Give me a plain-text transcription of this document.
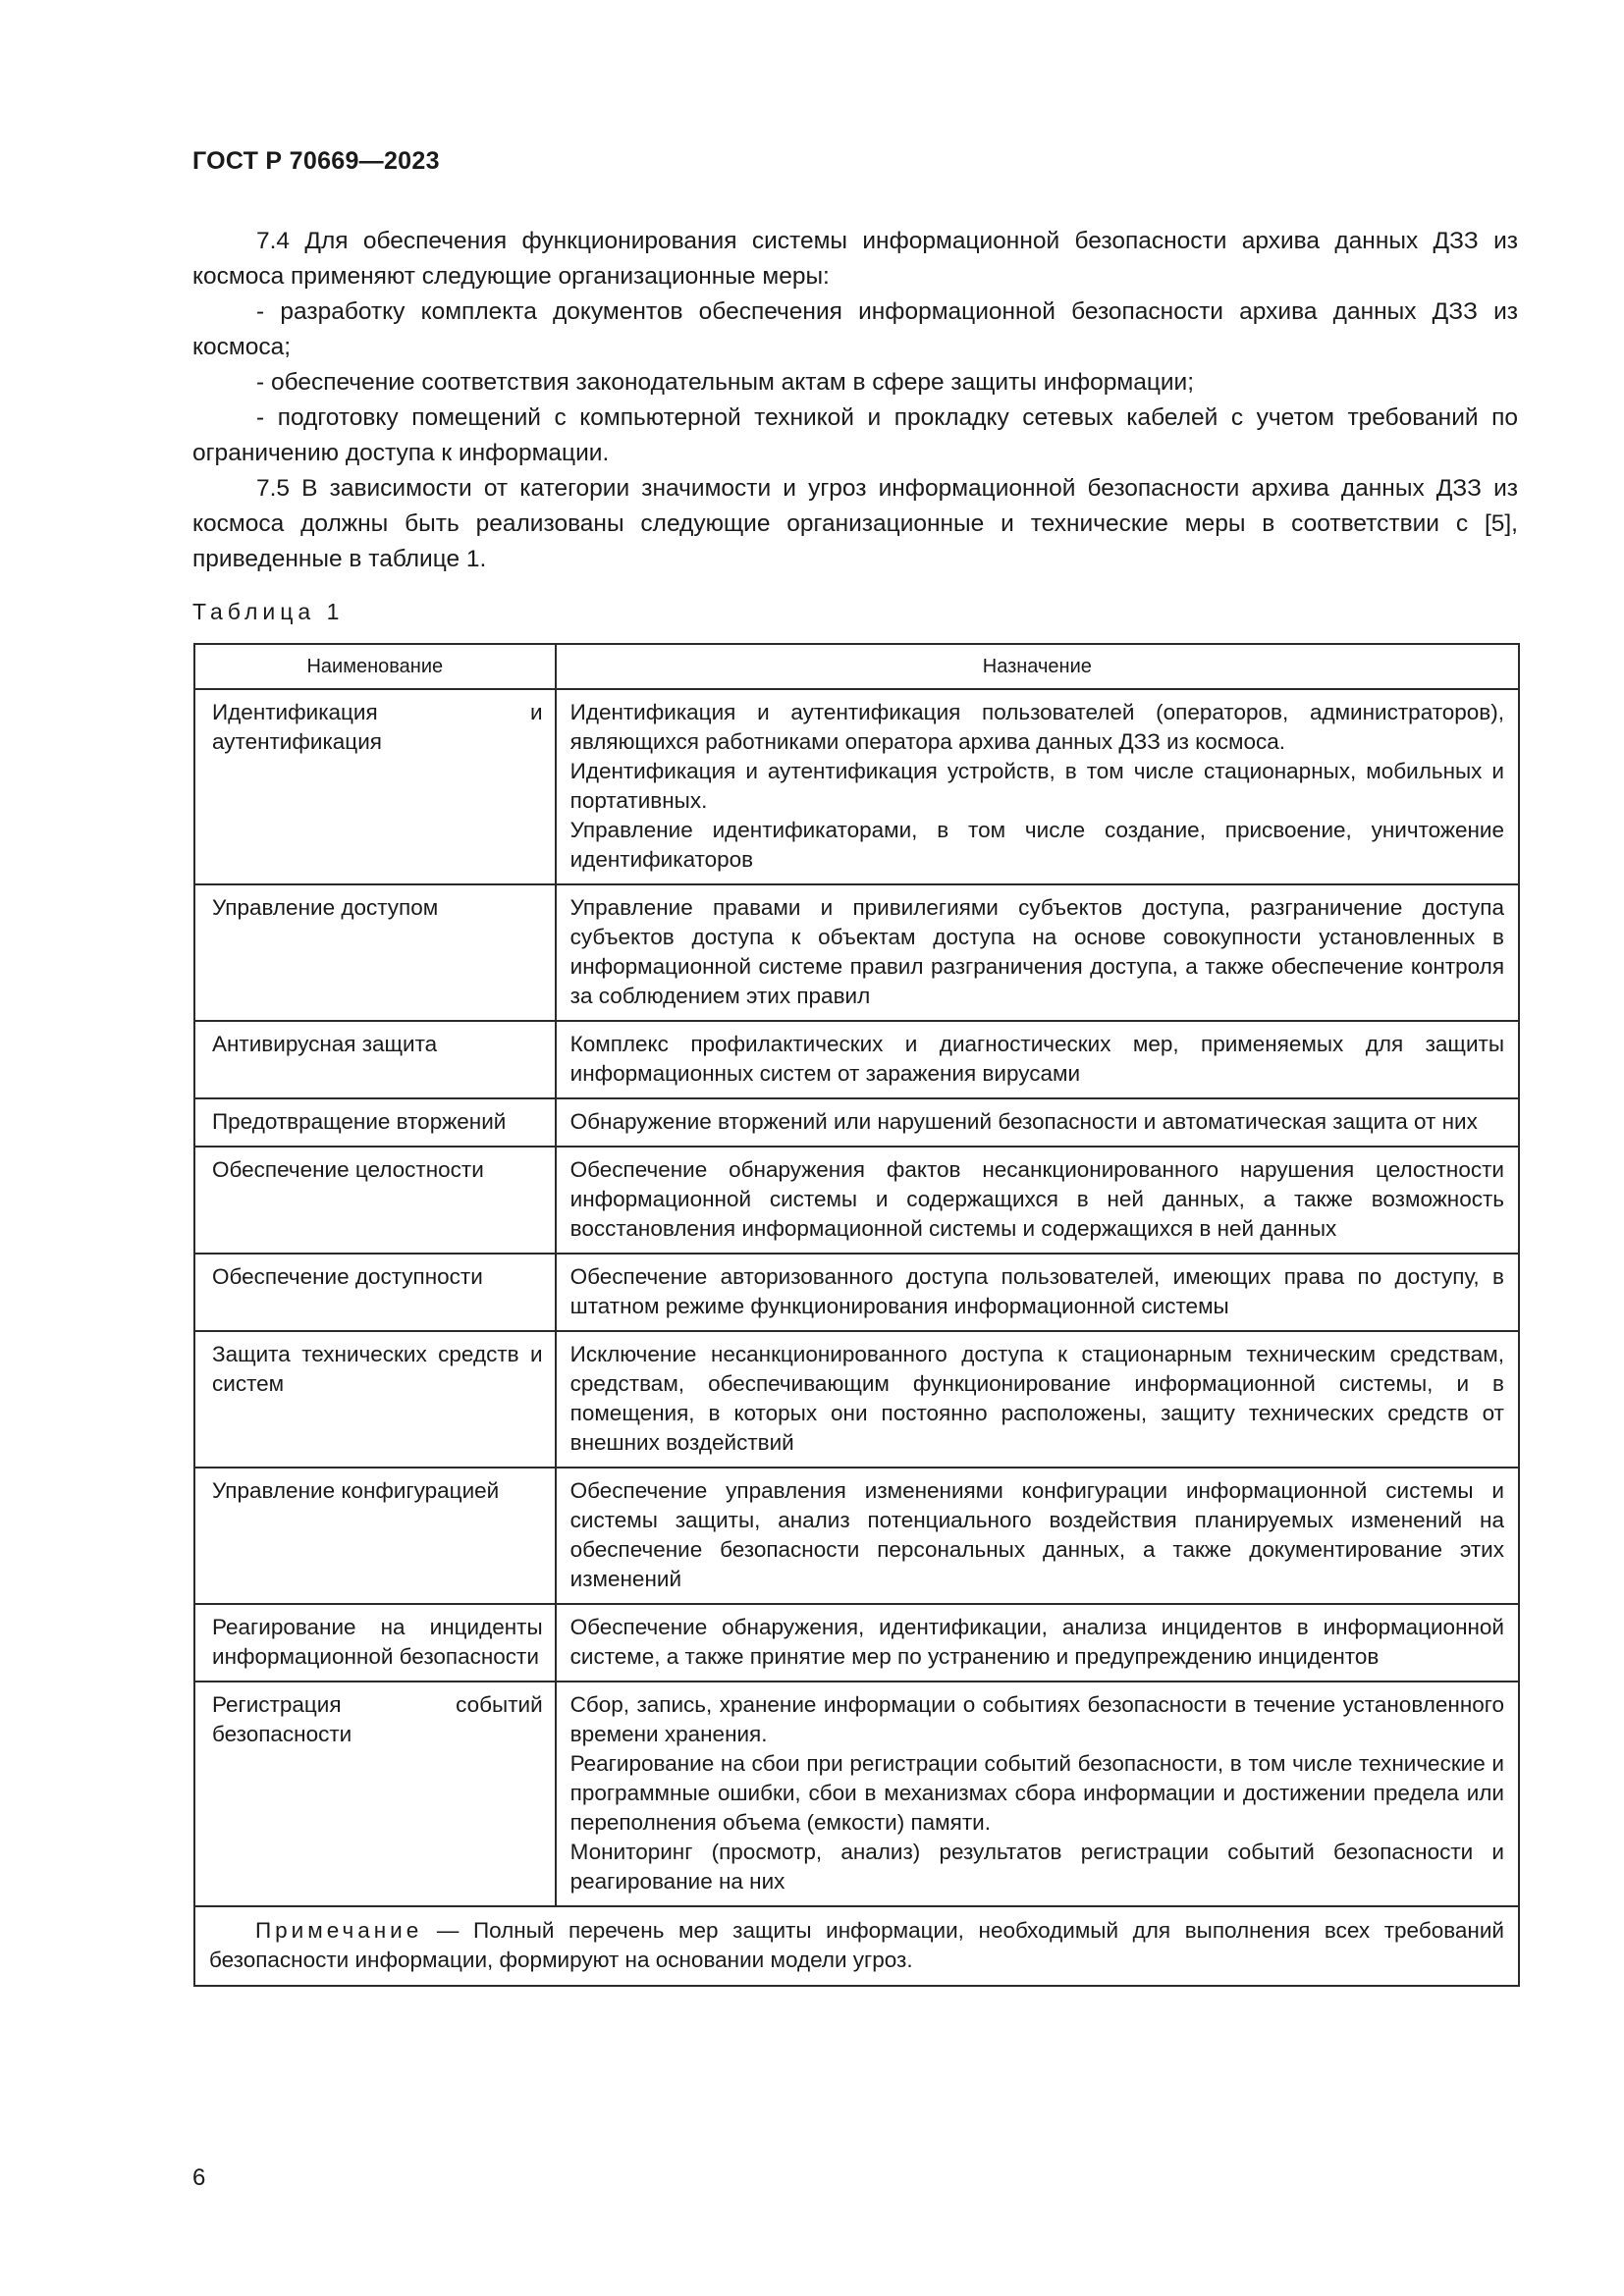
ГОСТ Р 70669—2023

7.4 Для обеспечения функционирования системы информационной безопасности архива данных ДЗЗ из космоса применяют следующие организационные меры:

- разработку комплекта документов обеспечения информационной безопасности архива данных ДЗЗ из космоса;

- обеспечение соответствия законодательным актам в сфере защиты информации;

- подготовку помещений с компьютерной техникой и прокладку сетевых кабелей с учетом требований по ограничению доступа к информации.

7.5 В зависимости от категории значимости и угроз информационной безопасности архива данных ДЗЗ из космоса должны быть реализованы следующие организационные и технические меры в соответствии с [5], приведенные в таблице 1.

Таблица 1
Наименование	Назначение
Идентификация и аутентификация	Идентификация и аутентификация пользователей (операторов, администраторов), являющихся работниками оператора архива данных ДЗЗ из космоса.
Идентификация и аутентификация устройств, в том числе стационарных, мобильных и портативных.
Управление идентификаторами, в том числе создание, присвоение, уничтожение идентификаторов

Управление доступом	Управление правами и привилегиями субъектов доступа, разграничение доступа субъектов доступа к объектам доступа на основе совокупности установленных в информационной системе правил разграничения доступа, а также обеспечение контроля за соблюдением этих правил

Антивирусная защита	Комплекс профилактических и диагностических мер, применяемых для защиты информационных систем от заражения вирусами

Предотвращение вторжений	Обнаружение вторжений или нарушений безопасности и автоматическая защита от них

Обеспечение целостности	Обеспечение обнаружения фактов несанкционированного нарушения целостности информационной системы и содержащихся в ней данных, а также возможность восстановления информационной системы и содержащихся в ней данных

Обеспечение доступности	Обеспечение авторизованного доступа пользователей, имеющих права по доступу, в штатном режиме функционирования информационной системы

Защита технических средств и систем	Исключение несанкционированного доступа к стационарным техническим средствам, средствам, обеспечивающим функционирование информационной системы, и в помещения, в которых они постоянно расположены, защиту технических средств от внешних воздействий

Управление конфигурацией	Обеспечение управления изменениями конфигурации информационной системы и системы защиты, анализ потенциального воздействия планируемых изменений на обеспечение безопасности персональных данных, а также документирование этих изменений

Реагирование на инциденты информационной безопасности	Обеспечение обнаружения, идентификации, анализа инцидентов в информационной системе, а также принятие мер по устранению и предупреждению инцидентов

Регистрация событий безопасности	Сбор, запись, хранение информации о событиях безопасности в течение установленного времени хранения.
Реагирование на сбои при регистрации событий безопасности, в том числе технические и программные ошибки, сбои в механизмах сбора информации и достижении предела или переполнения объема (емкости) памяти.
Мониторинг (просмотр, анализ) результатов регистрации событий безопасности и реагирование на них

Примечание — Полный перечень мер защиты информации, необходимый для выполнения всех требований безопасности информации, формируют на основании модели угроз.	
6
